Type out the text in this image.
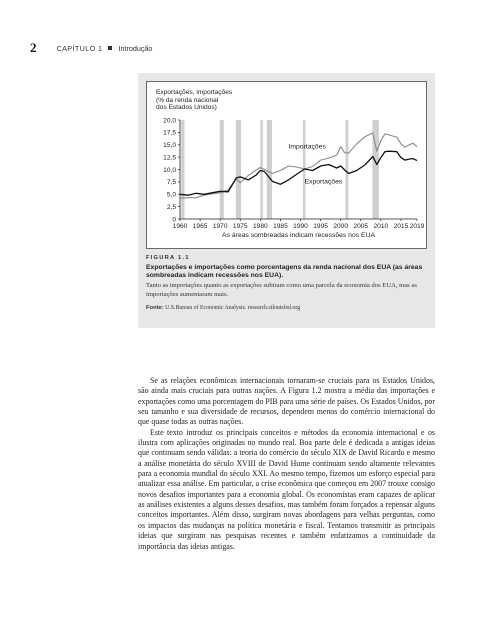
2	CAPÍTULO 1 Introdução
Exportações, importações
(% da renda nacional
dos Estados Unidos)
0
2,5
5,0
7,5
10,0
12,5
15,0
17,5
20,0
1960 1965 1970 1975 1980 1985 1990 1995 2000 2005 2010 2015 2019
As áreas sombreadas indicam recessões nos EUA
Importações
Exportações
FIGURA 1.1
Exportações e importações como porcentagens da renda nacional dos EUA (as áreas sombreadas indicam recessões nos EUA).
Tanto as importações quanto as exportações subiram como uma parcela da economia dos EUA, mas as importações aumentaram mais.
Fonte: U.S.Bureau of Economic Analysis. research.stlouisfed.org

Se as relações econômicas internacionais tornaram-se cruciais para os Estados Unidos, são ainda mais cruciais para outras nações. A Figura 1.2 mostra a média das importações e exportações como uma porcentagem do PIB para uma série de países. Os Estados Unidos, por seu tamanho e sua diversidade de recursos, dependem menos do comércio internacional do que quase todas as outras nações.

Este texto introduz os principais conceitos e métodos da economia internacional e os ilustra com aplicações originadas no mundo real. Boa parte dele é dedicada a antigas ideias que continuam sendo válidas: a teoria do comércio do século XIX de David Ricardo e mesmo a análise monetária do século XVIII de David Hume continuam sendo altamente relevantes para a economia mundial do século XXI. Ao mesmo tempo, fizemos um esforço especial para atualizar essa análise. Em particular, a crise econômica que começou em 2007 trouxe consigo novos desafios importantes para a economia global. Os economistas eram capazes de aplicar as análises existentes a alguns desses desafios, mas também foram forçados a repensar alguns conceitos importantes. Além disso, surgiram novas abordagens para velhas perguntas, como os impactos das mudanças na política monetária e fiscal. Tentamos transmitir as principais ideias que surgiram nas pesquisas recentes e também enfatizamos a continuidade da importância das ideias antigas.
